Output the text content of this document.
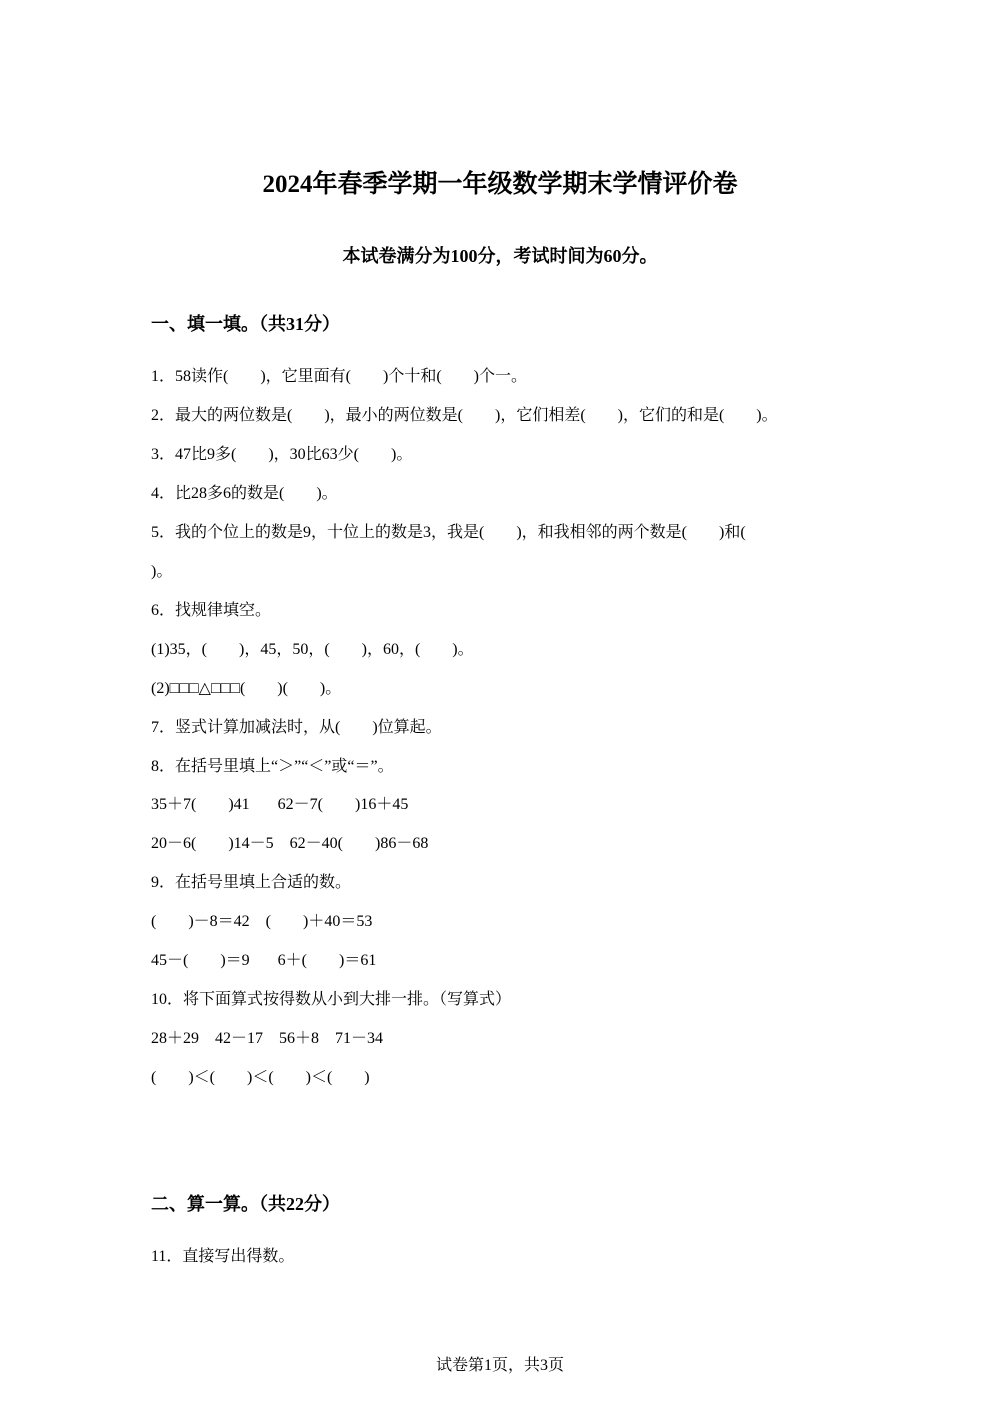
2024年春季学期一年级数学期末学情评价卷
本试卷满分为100分，考试时间为60分。
一、填一填。（共31分）
1．58读作(        )，它里面有(        )个十和(        )个一。
2．最大的两位数是(        )，最小的两位数是(        )，它们相差(        )，它们的和是(        )。
3．47比9多(        )，30比63少(        )。
4．比28多6的数是(        )。
5．我的个位上的数是9，十位上的数是3，我是(        )，和我相邻的两个数是(        )和(
)。
6．找规律填空。
(1)35，(        )，45，50，(        )，60，(        )。
(2)□□□△□□□(        )(        )。
7．竖式计算加减法时，从(        )位算起。
8．在括号里填上“＞”“＜”或“＝”。
35＋7(        )41       62－7(        )16＋45
20－6(        )14－5    62－40(        )86－68
9．在括号里填上合适的数。
(        )－8＝42    (        )＋40＝53
45－(        )＝9       6＋(        )＝61
10．将下面算式按得数从小到大排一排。（写算式）
28＋29    42－17    56＋8    71－34
(        )＜(        )＜(        )＜(        )
二、算一算。（共22分）
11．直接写出得数。
试卷第1页，共3页
